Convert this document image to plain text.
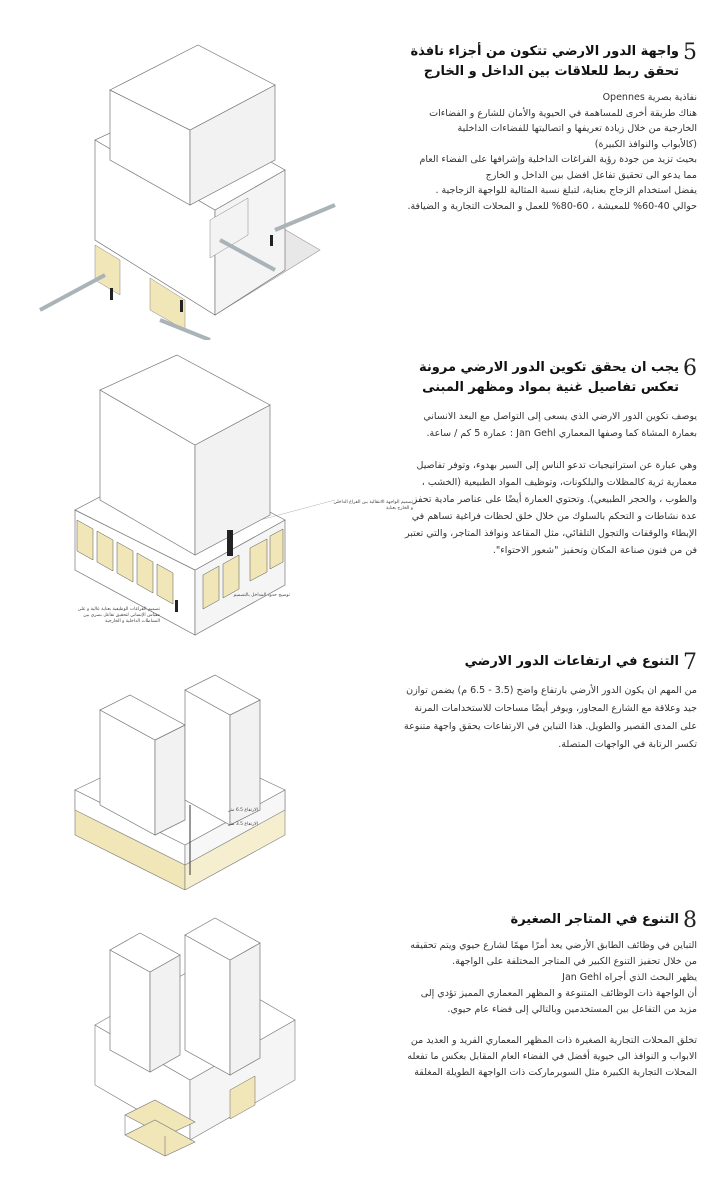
5
واجهة الدور الارضي تتكون من أجزاء نافذة تحقق ربط للعلاقات بين الداخل و الخارج

نفاذية بصرية Opennes

هناك طريقة أخرى للمساهمة في الحيوية والأمان للشارع و الفضاءات

الخارجية من خلال زيادة تعريفها و اتصاليتها للفضاءات الداخلية

(كالأبواب والنوافذ الكبيرة)

بحيث تزيد من جودة رؤية الفراغات الداخلية وإشرافها على الفضاء العام

مما يدعو الى تحقيق تفاعل افضل بين الداخل و الخارج

يفضل استخدام الزجاج بعناية، لتبلغ نسبة المثالية للواجهة الزجاجية .

حوالي 40-60% للمعيشة ، 60-80% للعمل و المحلات التجارية و الضيافة.

تصميم الواجهة الانتقالية بين الفراغ الداخلي و الخارج بعناية
توضيح حدود المداخل بالتصميم
تصميم الفراغات الوظيفية بعناية عالية و على مقياس الإنساني لتحقيق تفاعل بصري بين النشاطات الداخلية و الخارجية
6
يجب ان يحقق تكوين الدور الارضي مرونة تعكس تفاصيل غنية بمواد ومظهر المبنى

يوصف تكوين الدور الارضي الذي يسعى إلى التواصل مع البعد الانساني

بعمارة المشاة كما وصفها المعماري Jan Gehl : عمارة 5 كم / ساعة.

وهي عبارة عن استراتيجيات تدعو الناس إلى السير بهدوء، وتوفر تفاصيل

معمارية ثرية كالمظلات والبلكونات، وتوظيف المواد الطبيعية (الخشب ،

والطوب ، والحجر الطبيعي). وتحتوي العمارة أيضًا على عناصر مادية تحفز

عدة نشاطات و التحكم بالسلوك من خلال خلق لحظات فراغية تساهم في

الإبطاء والوقفات والتجول التلقائي، مثل المقاعد ونوافذ المتاجر، والتي تعتبر

فن من فنون صناعة المكان وتحفيز "شعور الاحتواء".

الارتفاع 6.5 متر
الارتفاع 3.5 متر
7
التنوع في ارتفاعات الدور الارضي

من المهم ان يكون الدور الأرضي بارتفاع واضح (3.5 - 6.5 م) يضمن توازن

جيد وعلاقة مع الشارع المجاور، ويوفر أيضًا مساحات للاستخدامات المرنة

على المدى القصير والطويل. هذا التباين في الارتفاعات يحقق واجهة متنوعة

تكسر الرتابة في الواجهات المتصلة.

8
التنوع في المتاجر الصغيرة

التباين في وظائف الطابق الأرضي يعد أمرًا مهمًا لشارع حيوي ويتم تحقيقه

من خلال تحفيز التنوع الكبير في المتاجر المختلفة على الواجهة.

يظهر البحث الذي أجراه Jan Gehl

أن الواجهة ذات الوظائف المتنوعة و المظهر المعماري المميز تؤدي إلى

مزيد من التفاعل بين المستخدمين وبالتالي إلى فضاء عام حيوي.

تخلق المحلات التجارية الصغيرة ذات المظهر المعماري الفريد و العديد من

الابواب و النوافذ الى حيوية أفضل في الفضاء العام المقابل بعكس ما تفعله

المحلات التجارية الكبيرة مثل السوبرماركت ذات الواجهة الطويلة المغلقة
